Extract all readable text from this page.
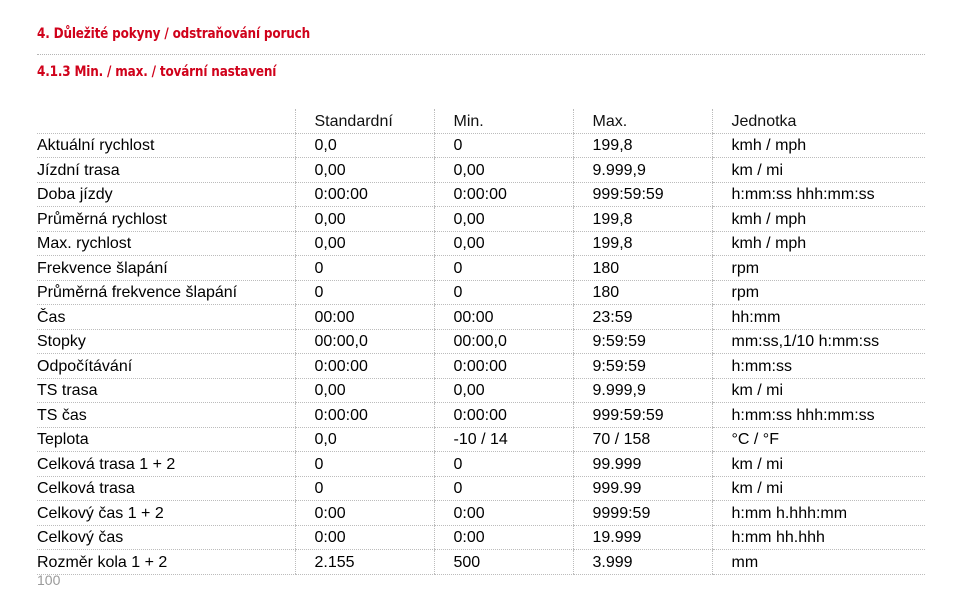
4. Důležité pokyny / odstraňování poruch
4.1.3 Min. / max. / tovární nastavení
	Standardní	Min.	Max.	Jednotka
Aktuální rychlost	0,0	0	199,8	kmh / mph
Jízdní trasa	0,00	0,00	9.999,9	km / mi
Doba jízdy	0:00:00	0:00:00	999:59:59	h:mm:ss hhh:mm:ss
Průměrná rychlost	0,00	0,00	199,8	kmh / mph
Max. rychlost	0,00	0,00	199,8	kmh / mph
Frekvence šlapání	0	0	180	rpm
Průměrná frekvence šlapání	0	0	180	rpm
Čas	00:00	00:00	23:59	hh:mm
Stopky	00:00,0	00:00,0	9:59:59	mm:ss,1/10 h:mm:ss
Odpočítávání	0:00:00	0:00:00	9:59:59	h:mm:ss
TS trasa	0,00	0,00	9.999,9	km / mi
TS čas	0:00:00	0:00:00	999:59:59	h:mm:ss hhh:mm:ss
Teplota	0,0	-10 / 14	70 / 158	°C / °F
Celková trasa 1 + 2	0	0	99.999	km / mi
Celková trasa	0	0	999.99	km / mi
Celkový čas 1 + 2	0:00	0:00	9999:59	h:mm h.hhh:mm
Celkový čas	0:00	0:00	19.999	h:mm hh.hhh
Rozměr kola 1 + 2	2.155	500	3.999	mm
100
